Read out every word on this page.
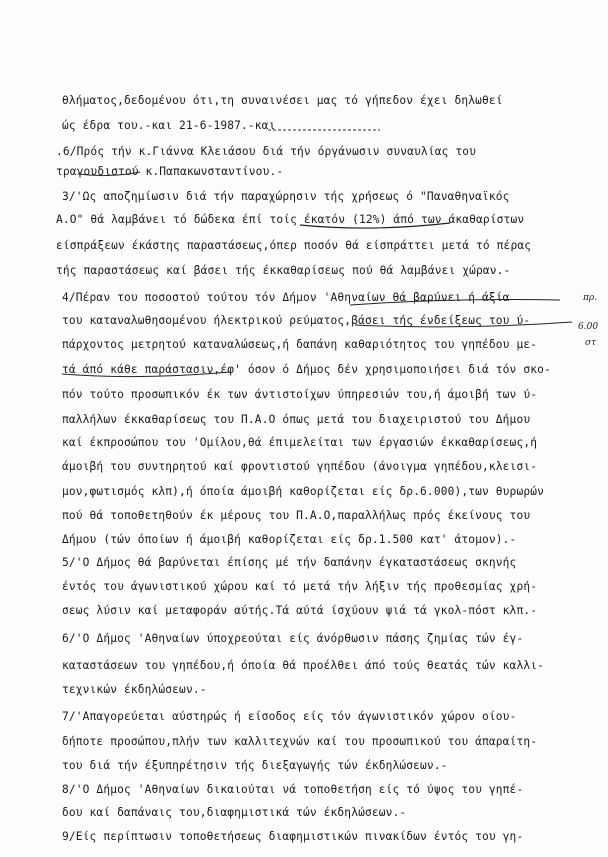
θλήματος,δεδομένου ότι,τη συναινέσει μας τό γήπεδον έχει δηλωθεί
ώς έδρα του.-και 21-6-1987.-και
.6/Πρός τήν κ.Γιάννα Κλειάσου διά τήν όργάνωσιν συναυλίας του
τραγουδιστού κ.Παπακωνσταντίνου.-
3/'Ως αποζημίωσιν διά τήν παραχώρησιν τής χρήσεως ό "Παναθηναϊκός
Α.Ο" θά λαμβάνει τό δώδεκα έπί τοίς έκατόν (12%) άπό των άκαθαρίστων
είσπράξεων έκάστης παραστάσεως,όπερ ποσόν θά είσπράττει μετά τό πέρας
τής παραστάσεως καί βάσει τής έκκαθαρίσεως πού θά λαμβάνει χώραν.-
4/Πέραν του ποσοστού τούτου τόν Δήμον 'Αθηναίων θά βαρύνει ή άξία
του καταναλωθησομένου ήλεκτρικού ρεύματος,βάσει τής ένδείξεως του ύ-
πάρχοντος μετρητού καταναλώσεως,ή δαπάνη καθαριότητος του γηπέδου με-
τά άπό κάθε παράστασιν,έφ' όσον ό Δήμος δέν χρησιμοποιήσει διά τόν σκο-
πόν τούτο προσωπικόν έκ των άντιστοίχων ύπηρεσιών του,ή άμοιβή των ύ-
παλλήλων έκκαθαρίσεως του Π.Α.Ο όπως μετά του διαχειριστού του Δήμου
καί έκπροσώπου του 'Ομίλου,θά έπιμελείται των έργασιών έκκαθαρίσεως,ή
άμοιβή του συντηρητού καί φροντιστού γηπέδου (άνοιγμα γηπέδου,κλεισι-
μον,φωτισμός κλπ),ή όποία άμοιβή καθορίζεται είς δρ.6.000),των θυρωρών
πού θά τοποθετηθούν έκ μέρους του Π.Α.Ο,παραλλήλως πρός έκείνους του
Δήμου (τών όποίων ή άμοιβή καθορίζεται είς δρ.1.500 κατ' άτομον).-
5/'Ο Δήμος θά βαρύνεται έπίσης μέ τήν δαπάνην έγκαταστάσεως σκηνής
έντός του άγωνιστικού χώρου καί τό μετά τήν λήξιν τής προθεσμίας χρή-
σεως λύσιν καί μεταφοράν αύτής.Τά αύτά ίσχύουν ψιά τά γκολ-πόστ κλπ.-
6/'Ο Δήμος 'Αθηναίων ύποχρεούται είς άνόρθωσιν πάσης ζημίας τών έγ-
καταστάσεων του γηπέδου,ή όποία θά προέλθει άπό τούς θεατάς τών καλλι-
τεχνικών έκδηλώσεων.-
7/'Απαγορεύεται αύστηρώς ή είσοδος είς τόν άγωνιστικόν χώρον οίου-
δήποτε προσώπου,πλήν των καλλιτεχνών καί του προσωπικού του άπαραίτη-
του διά τήν έξυπηρέτησιν τής διεξαγωγής τών έκδηλώσεων.-
8/'Ο Δήμος 'Αθηναίων δικαιούται νά τοποθετήση είς τό ύψος του γηπέ-
δου καί δαπάναις του,διαφημιστικά τών έκδηλώσεων.-
9/Είς περίπτωσιν τοποθετήσεως διαφημιστικών πινακίδων έντός του γη-
πρ.
6.00
στ
